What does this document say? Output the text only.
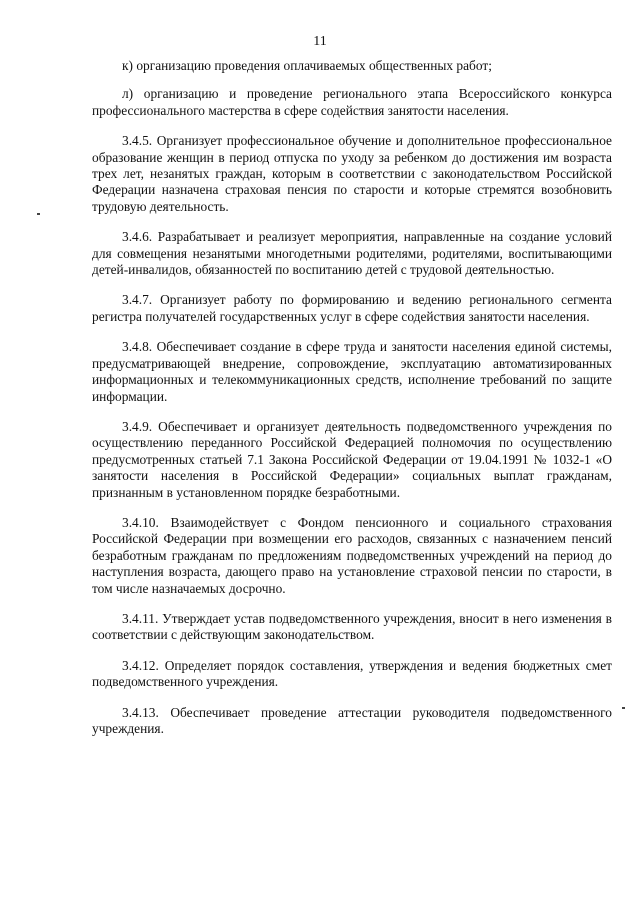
11

к) организацию проведения оплачиваемых общественных работ;

л) организацию и проведение регионального этапа Всероссийского конкурса профессионального мастерства в сфере содействия занятости населения.

3.4.5. Организует профессиональное обучение и дополнительное профессиональное образование женщин в период отпуска по уходу за ребенком до достижения им возраста трех лет, незанятых граждан, которым в соответствии с законодательством Российской Федерации назначена страховая пенсия по старости и которые стремятся возобновить трудовую деятельность.

3.4.6. Разрабатывает и реализует мероприятия, направленные на создание условий для совмещения незанятыми многодетными родителями, родителями, воспитывающими детей-инвалидов, обязанностей по воспитанию детей с трудовой деятельностью.

3.4.7. Организует работу по формированию и ведению регионального сегмента регистра получателей государственных услуг в сфере содействия занятости населения.

3.4.8. Обеспечивает создание в сфере труда и занятости населения единой системы, предусматривающей внедрение, сопровождение, эксплуатацию автоматизированных информационных и телекоммуникационных средств, исполнение требований по защите информации.

3.4.9. Обеспечивает и организует деятельность подведомственного учреждения по осуществлению переданного Российской Федерацией полномочия по осуществлению предусмотренных статьей 7.1 Закона Российской Федерации от 19.04.1991 № 1032-1 «О занятости населения в Российской Федерации» социальных выплат гражданам, признанным в установленном порядке безработными.

3.4.10. Взаимодействует с Фондом пенсионного и социального страхования Российской Федерации при возмещении его расходов, связанных с назначением пенсий безработным гражданам по предложениям подведомственных учреждений на период до наступления возраста, дающего право на установление страховой пенсии по старости, в том числе назначаемых досрочно.

3.4.11. Утверждает устав подведомственного учреждения, вносит в него изменения в соответствии с действующим законодательством.

3.4.12. Определяет порядок составления, утверждения и ведения бюджетных смет подведомственного учреждения.

3.4.13. Обеспечивает проведение аттестации руководителя подведомственного учреждения.
